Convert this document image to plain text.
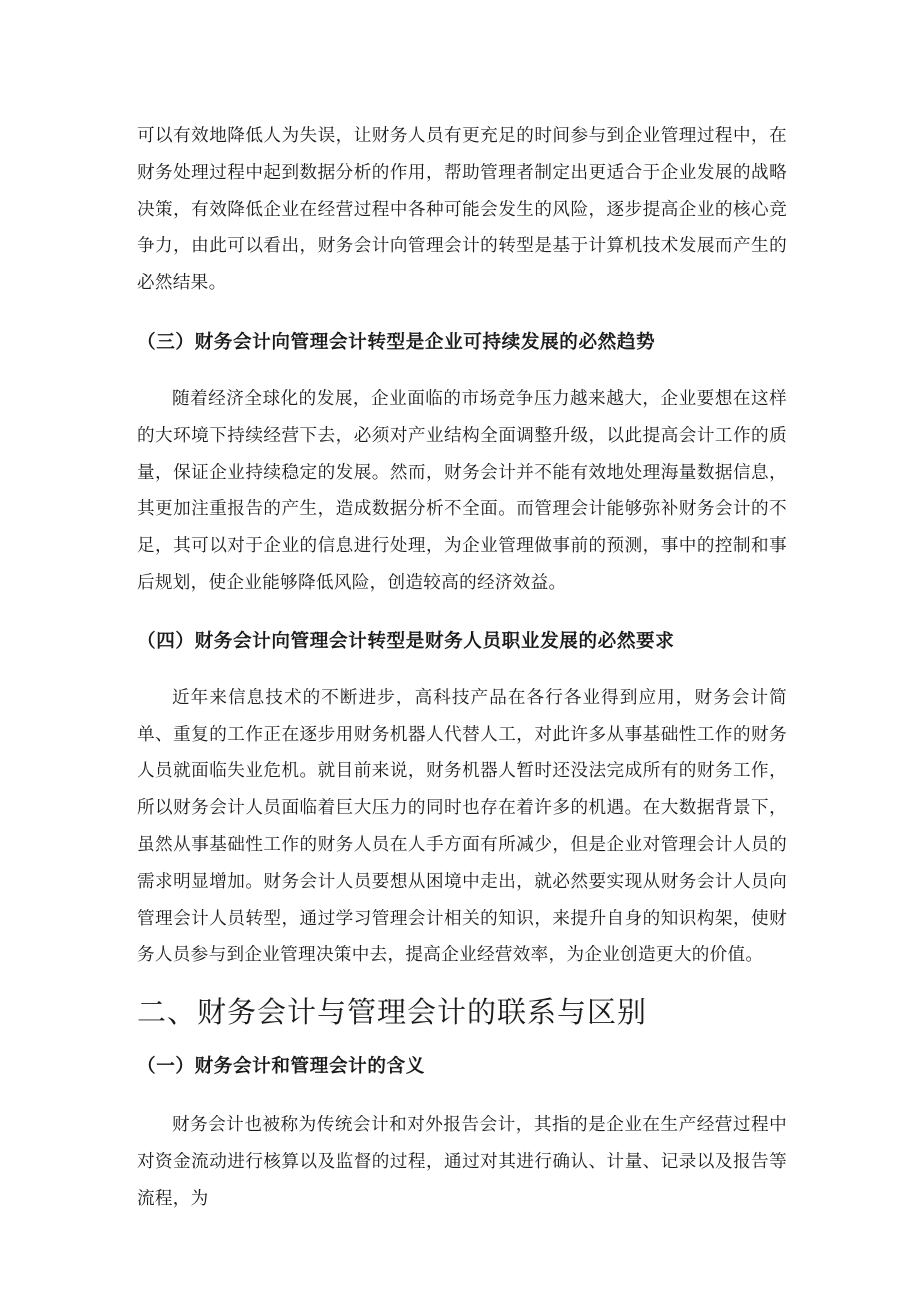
可以有效地降低人为失误，让财务人员有更充足的时间参与到企业管理过程中，在财务处理过程中起到数据分析的作用，帮助管理者制定出更适合于企业发展的战略决策，有效降低企业在经营过程中各种可能会发生的风险，逐步提高企业的核心竞争力，由此可以看出，财务会计向管理会计的转型是基于计算机技术发展而产生的必然结果。

（三）财务会计向管理会计转型是企业可持续发展的必然趋势

随着经济全球化的发展，企业面临的市场竞争压力越来越大，企业要想在这样的大环境下持续经营下去，必须对产业结构全面调整升级，以此提高会计工作的质量，保证企业持续稳定的发展。然而，财务会计并不能有效地处理海量数据信息，其更加注重报告的产生，造成数据分析不全面。而管理会计能够弥补财务会计的不足，其可以对于企业的信息进行处理，为企业管理做事前的预测，事中的控制和事后规划，使企业能够降低风险，创造较高的经济效益。

（四）财务会计向管理会计转型是财务人员职业发展的必然要求

近年来信息技术的不断进步，高科技产品在各行各业得到应用，财务会计简单、重复的工作正在逐步用财务机器人代替人工，对此许多从事基础性工作的财务人员就面临失业危机。就目前来说，财务机器人暂时还没法完成所有的财务工作，所以财务会计人员面临着巨大压力的同时也存在着许多的机遇。在大数据背景下，虽然从事基础性工作的财务人员在人手方面有所减少，但是企业对管理会计人员的需求明显增加。财务会计人员要想从困境中走出，就必然要实现从财务会计人员向管理会计人员转型，通过学习管理会计相关的知识，来提升自身的知识构架，使财务人员参与到企业管理决策中去，提高企业经营效率，为企业创造更大的价值。

二、财务会计与管理会计的联系与区别
（一）财务会计和管理会计的含义

财务会计也被称为传统会计和对外报告会计，其指的是企业在生产经营过程中对资金流动进行核算以及监督的过程，通过对其进行确认、计量、记录以及报告等流程，为
